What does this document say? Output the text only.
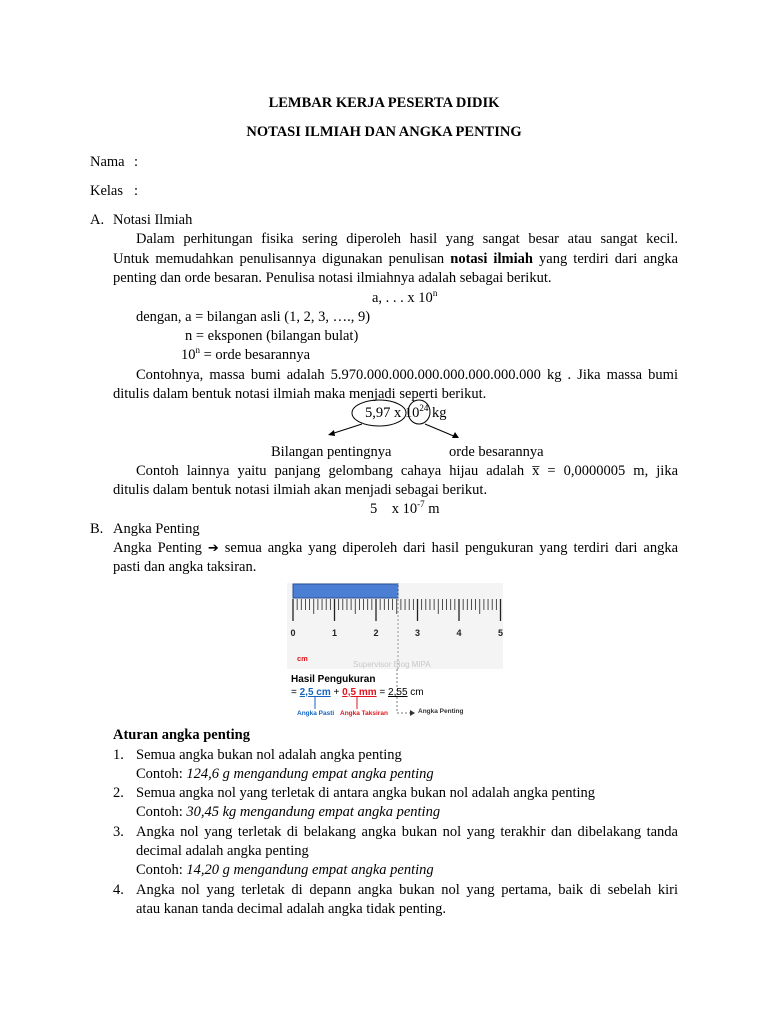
LEMBAR KERJA PESERTA DIDIK
NOTASI ILMIAH DAN ANGKA PENTING
Nama :
Kelas :
A. Notasi Ilmiah
Dalam perhitungan fisika sering diperoleh hasil yang sangat besar atau sangat kecil.
Untuk memudahkan penulisannya digunakan penulisan notasi ilmiah yang terdiri dari angka
penting dan orde besaran. Penulisa notasi ilmiahnya adalah sebagai berikut.
a, . . . x 10$^n$
dengan, a = bilangan asli (1, 2, 3, …., 9)
n = eksponen (bilangan bulat)
$10^n$ = orde besarannya
Contohnya, massa bumi adalah 5.970.000.000.000.000.000.000.000 kg . Jika massa bumi
ditulis dalam bentuk notasi ilmiah maka menjadi seperti berikut.
5,97 x $10^{24}$ kg
Bilangan pentingnya	orde besarannya
Contoh lainnya yaitu panjang gelombang cahaya hijau adalah x̅ = 0,0000005 m, jika
ditulis dalam bentuk notasi ilmiah akan menjadi sebagai berikut.
5 x $10^{-7}$ m
B. Angka Penting
Angka Penting ➔ semua angka yang diperoleh dari hasil pengukuran yang terdiri dari angka
pasti dan angka taksiran.
0	1	2	3	4	5
Supervisor Blog MIPA
cm
Hasil Pengukuran
= 2,5 cm + 0,5 mm = 2,55 cm
Angka Pasti Angka Taksiran	Angka Penting
Aturan angka penting
1. Semua angka bukan nol adalah angka penting
Contoh: 124,6 g mengandung empat angka penting
2. Semua angka nol yang terletak di antara angka bukan nol adalah angka penting
Contoh: 30,45 kg mengandung empat angka penting
3. Angka nol yang terletak di belakang angka bukan nol yang terakhir dan dibelakang tanda
decimal adalah angka penting
Contoh: 14,20 g mengandung empat angka penting
4. Angka nol yang terletak di depann angka bukan nol yang pertama, baik di sebelah kiri
atau kanan tanda decimal adalah angka tidak penting.
